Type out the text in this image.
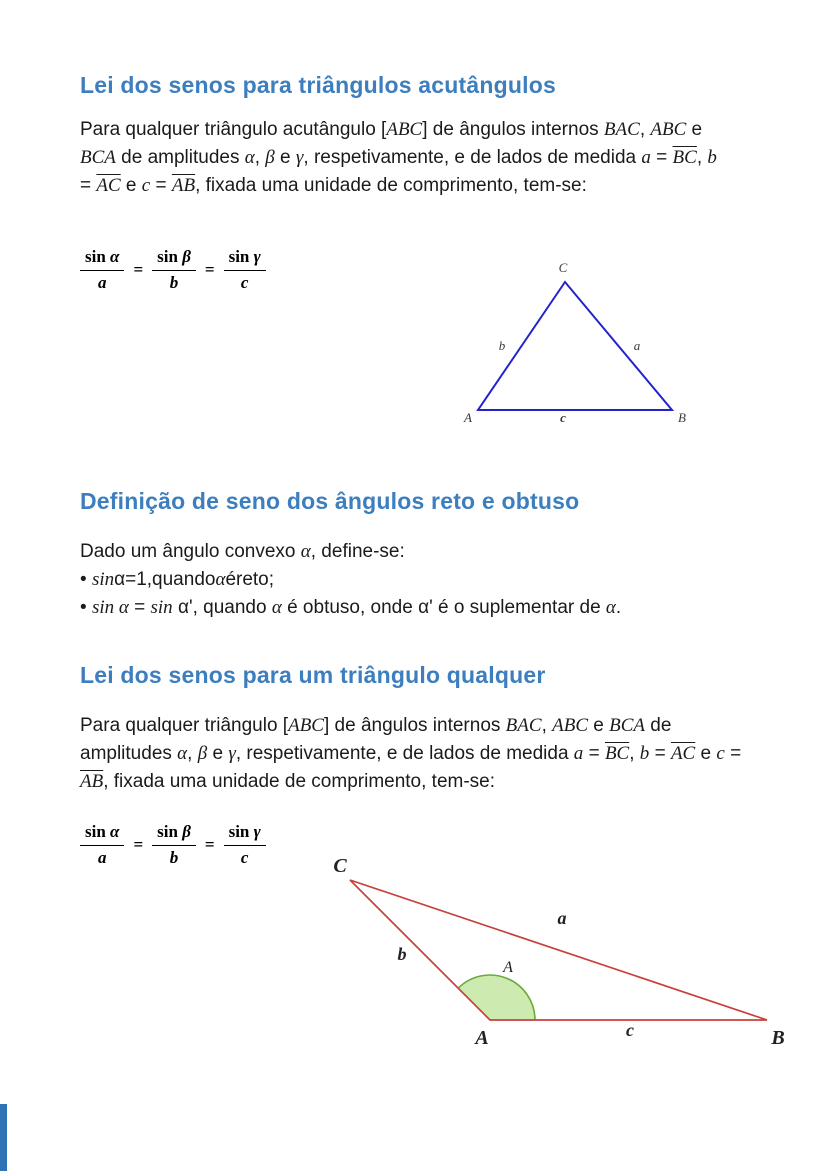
Lei dos senos para triângulos acutângulos
Para qualquer triângulo acutângulo [ABC] de ângulos internos BAC, ABC e BCA de amplitudes α, β e γ, respetivamente, e de lados de medida $a = \overline{BC}$, $b = \overline{AC}$ e $c = \overline{AB}$, fixada uma unidade de comprimento, tem-se:
$\frac{\text{sin α}}{a} = \frac{\text{sin β}}{b} = \frac{\text{sin γ}}{c}$	C
A	B
b	a
c
Definição de seno dos ângulos reto e obtuso
Dado um ângulo convexo α, define-se:
• sinα=1,quandoαéreto;
• sin α = sin α', quando α é obtuso, onde α' é o suplementar de α.
Lei dos senos para um triângulo qualquer
Para qualquer triângulo [ABC] de ângulos internos BAC, ABC e BCA de amplitudes α, β e γ, respetivamente, e de lados de medida $a = \overline{BC}$, $b = \overline{AC}$ e $c = \overline{AB}$, fixada uma unidade de comprimento, tem-se:
$\frac{\text{sin α}}{a} = \frac{\text{sin β}}{b} = \frac{\text{sin γ}}{c}$	C
b
a
A
A	c	B
